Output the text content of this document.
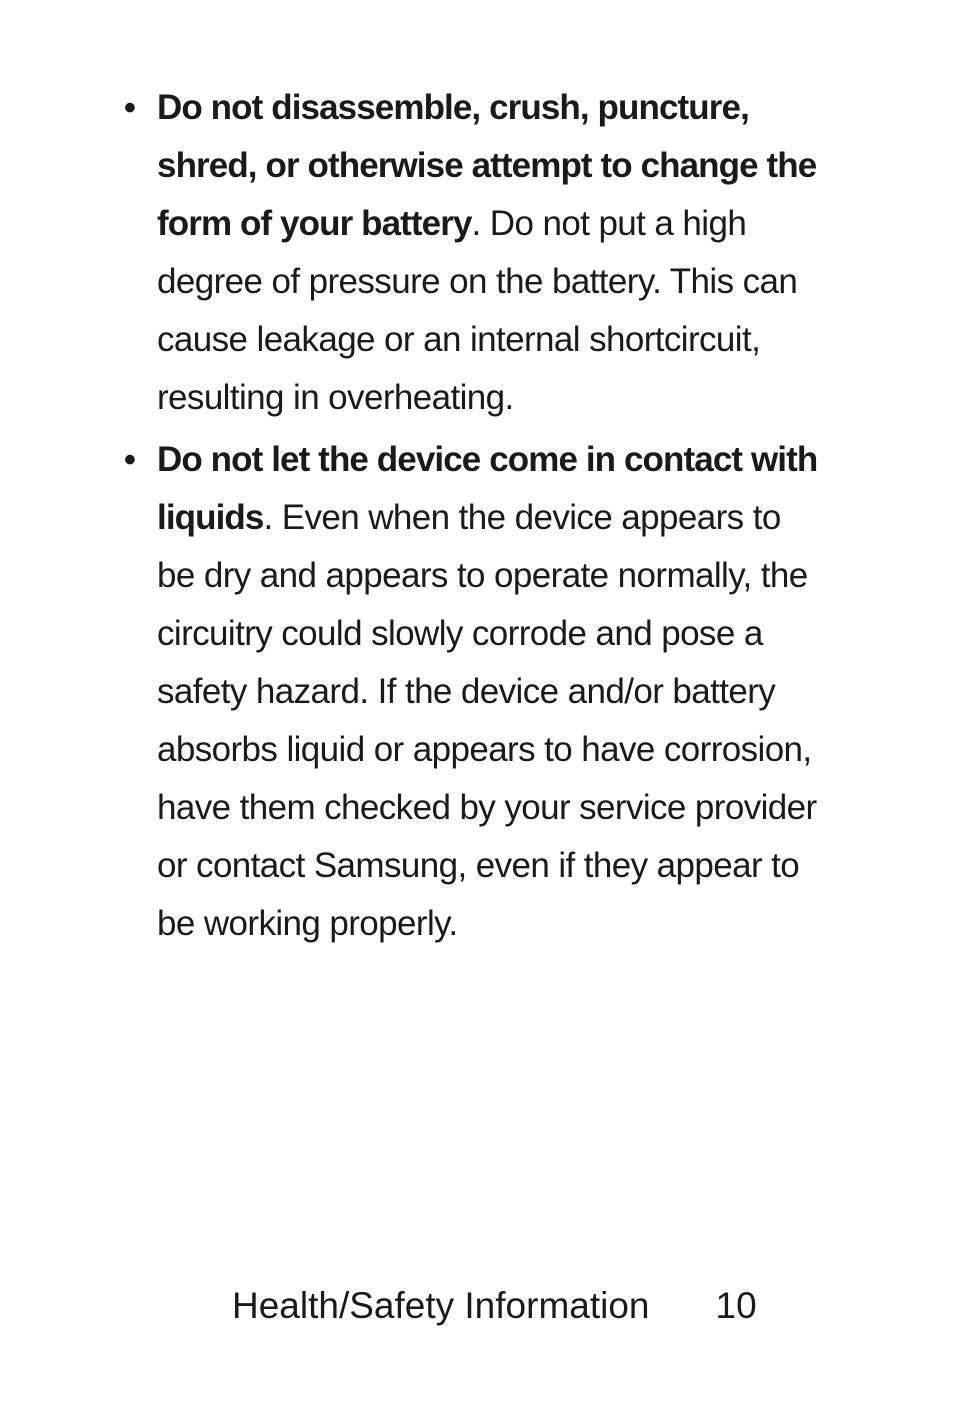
• Do not disassemble, crush, puncture, shred, or otherwise attempt to change the form of your battery. Do not put a high degree of pressure on the battery. This can cause leakage or an internal shortcircuit, resulting in overheating.
• Do not let the device come in contact with liquids. Even when the device appears to be dry and appears to operate normally, the circuitry could slowly corrode and pose a safety hazard. If the device and/or battery absorbs liquid or appears to have corrosion, have them checked by your service provider or contact Samsung, even if they appear to be working properly.
Health/Safety Information 10
